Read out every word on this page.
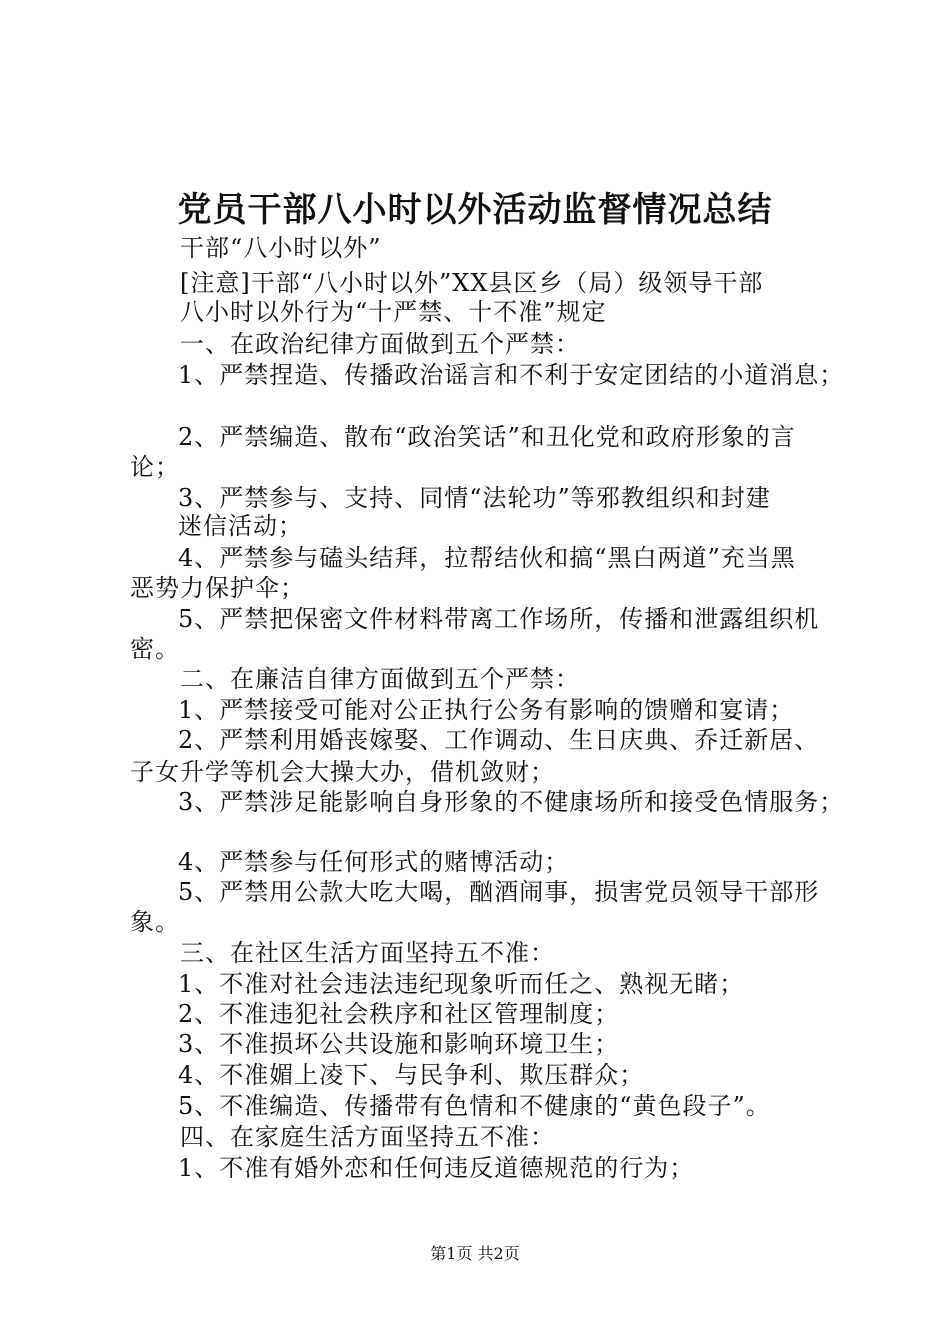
党员干部八小时以外活动监督情况总结
干部“八小时以外”
[注意]干部“八小时以外”XX县区乡（局）级领导干部
八小时以外行为“十严禁、十不准”规定
一、在政治纪律方面做到五个严禁：
1、严禁捏造、传播政治谣言和不利于安定团结的小道消息；
2、严禁编造、散布“政治笑话”和丑化党和政府形象的言
论；
3、严禁参与、支持、同情“法轮功”等邪教组织和封建
迷信活动；
4、严禁参与磕头结拜，拉帮结伙和搞“黑白两道”充当黑
恶势力保护伞；
5、严禁把保密文件材料带离工作场所，传播和泄露组织机
密。
二、在廉洁自律方面做到五个严禁：
1、严禁接受可能对公正执行公务有影响的馈赠和宴请；
2、严禁利用婚丧嫁娶、工作调动、生日庆典、乔迁新居、
子女升学等机会大操大办，借机敛财；
3、严禁涉足能影响自身形象的不健康场所和接受色情服务；
4、严禁参与任何形式的赌博活动；
5、严禁用公款大吃大喝，酗酒闹事，损害党员领导干部形
象。
三、在社区生活方面坚持五不准：
1、不准对社会违法违纪现象听而任之、熟视无睹；
2、不准违犯社会秩序和社区管理制度；
3、不准损坏公共设施和影响环境卫生；
4、不准媚上凌下、与民争利、欺压群众；
5、不准编造、传播带有色情和不健康的“黄色段子”。
四、在家庭生活方面坚持五不准：
1、不准有婚外恋和任何违反道德规范的行为；
第1页 共2页
